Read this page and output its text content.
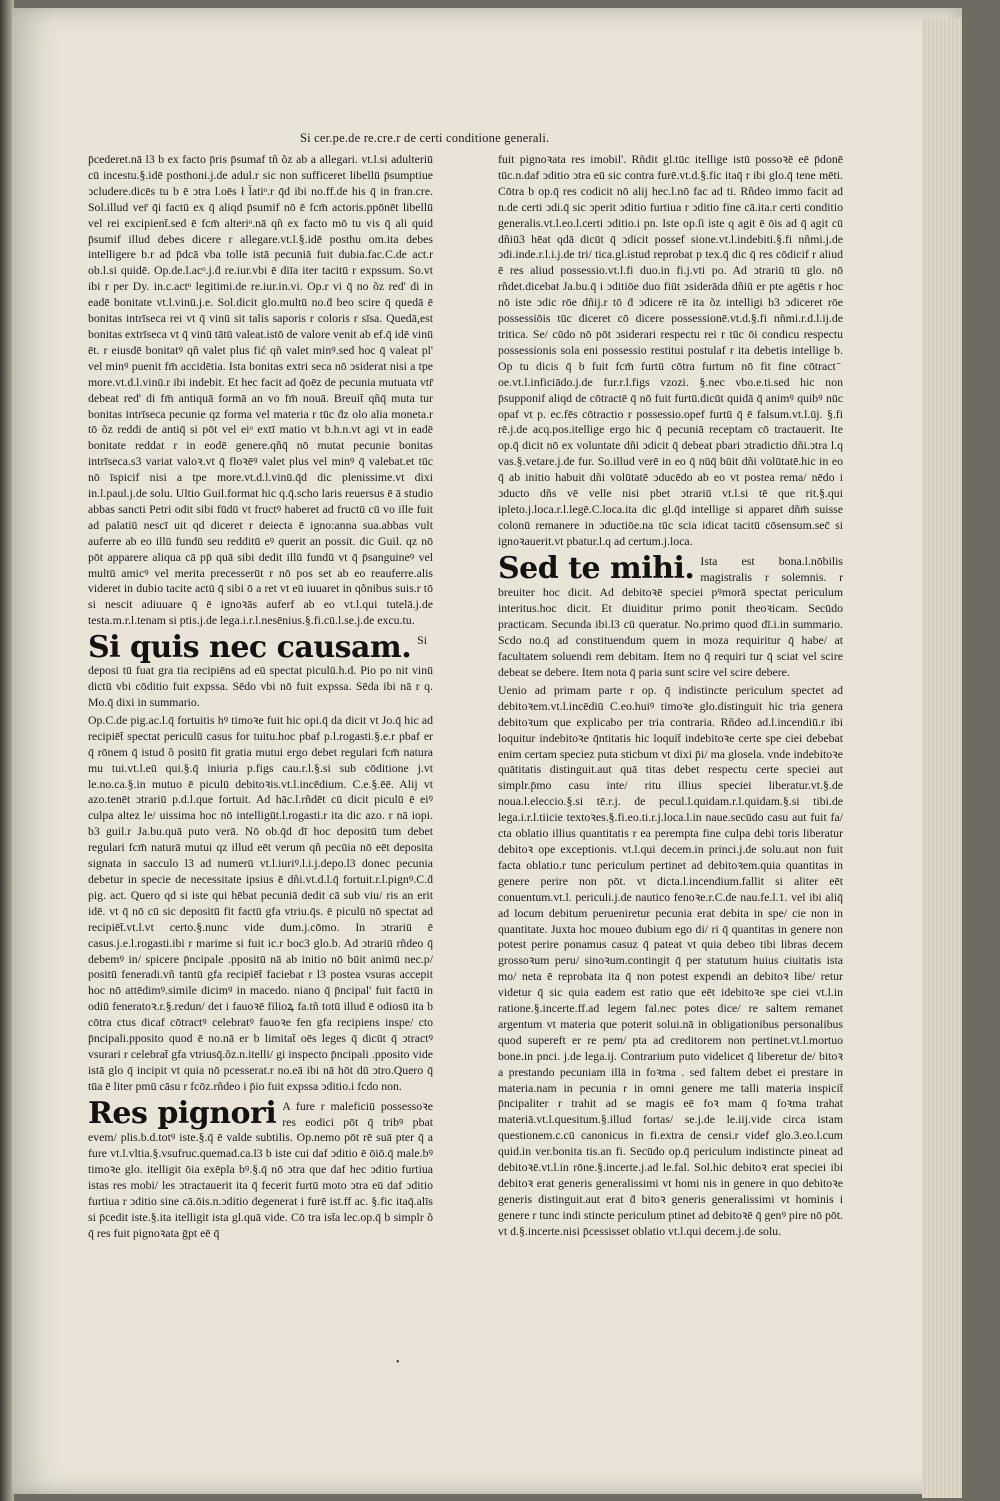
Si cer.pe.de re.cre.r de certi conditione generali.

p̄cederet.nā l3 b ex facto p̄ris p̄sumaf tñ õz ab a allegari. vt.l.si adulteriū cū incestu.§.idē posthoni.j.de adul.r sic non sufficeret libellū p̄sumptiue ↄcludere.dicēs tu b ē ↄtra l.oēs ł l̄atiᵒ.r q̄d ibi no.ff.de his q̄ in fran.cre. Sol.illud ver̄ q̄i factū ex q̄ aliqd p̄sumif nō ē fcm̄ actoris.ppōnēt libellū vel rei excipient̄.sed ē fcm̄ alteriᵒ.nā qñ ex facto mō tu vis q̄ ali quid p̄sumif illud debes dicere r allegare.vt.l.§.idē posthu om.ita debes intelligere b.r ad p̄dcā vba tolle istā pecuniā fuit dubia.fac.C.de act.r ob.l.si quidē. Op.de.l.acᵒ.j.ḋ re.iur.vbi ē diīa iter tacitū r expssum. So.vt ibi r per Dy. in.c.actᵒ legitimi.de re.iur.in.vi. Op.r vi q̄ no õz red' di in eadē bonitate vt.l.vinū.j.e. Sol.dicit glo.multū no.ḋ beo scire q̄ quedā ē bonitas intrīseca rei vt q̄ vinū sit talis saporis r coloris r sīsa. Quedā,est bonitas extrīseca vt q̄ vinū tātū valeat.istō de valore venit ab ef.q̄ idē vinū ēt. r eiusdē bonitatꝰ qñ valet plus fić qñ valet minꝰ.sed hoc q̄ valeat pl' vel minꝰ puenit fm̄ accidētia. Ista bonitas extri seca nō ↄsiderat nisi a tpe more.vt.d.l.vinū.r ibi indebit. Et hec facit ad q̄oēz de pecunia mutuata vtr̄ debeat red' di fm̄ antiquā formā an vo fm̄ nouā. Breuit̄ qñq̄ muta tur bonitas intrīseca pecunie qz forma vel materia r tūc ḋz olo alia moneta.r tō õz reddi de antiq̄ si pōt vel eiᵒ extī matio vt b.h.n.vt agi vt in eadē bonitate reddat r in eodē genere.qñq̄ nō mutat pecunie bonitas intrīseca.s3 variat valoꝛ.vt q̄ floꝛēꝰ valet plus vel minꝰ q̄ valebat.et tūc nō īspicif nisi a tpe more.vt.d.l.vinū.q̄d dic plenissime.vt dixi in.l.paul.j.de solu. Ultio Guil.format hic q.q̄.scho laris reuersus ē ā studio abbas sancti Petri odit sibi fūdū vt fructꝰ haberet ad fructū cū vo ille fuit ad palatiū nescī uit qd diceret r deiecta ē igno:anna sua.abbas vult auferre ab eo illū fundū seu redditū eꝰ querit an possit. dic Guil. qz nō pōt apparere aliqua cā pp̄ quā sibi dedit illū fundū vt q̄ p̄sanguineꝰ vel multū amicꝰ vel merita precesserūt r nō pos set ab eo reauferre.alis videret in dubio tacite actū q̄ sibi ō a ret vt eū iuuaret in qõnibus suis.r tō si nescit adiuuare q̄ ē ignoꝛās auferf ab eo vt.l.qui tutelā.j.de testa.m.r.l.tenam si ptis.j.de lega.i.r.l.nesēnius.§.fi.cū.l.se.j.de excu.tu.

Si quis nec causam. Si deposi tū fuat gra tia recipiēns ad eū spectat piculū.h.d. Pio po nit vinū dictū vbi cōditio fuit expssa. Sēdo vbi nō fuit expssa. Sēda ibi nā r q. Mo.q̄ dixi in summario.

Op.C.de pig.ac.l.q̄ fortuitis hꝰ timoꝛe fuit hic opi.q̄ da dicit vt Jo.q̄ hic ad recipiēt̄ spectat periculū casus for tuitu.hoc pbaf p.l.rogasti.§.e.r pbaf er q̄ rōnem q̄ istud õ positū fit gratia mutui ergo debet regulari fcm̄ natura mu tui.vt.l.eū qui.§.q̄ iniuria p.figs cau.r.l.§.si sub cōditione j.vt le.no.ca.§.in mutuo ē piculū debitoꝛis.vt.l.incēdium. C.e.§.ēē. Alij vt azo.tenēt ↄtrariū p.d.l.que fortuit. Ad hāc.l.rñdēt cū dicit piculū ē eiꝰ culpa altez le/ uissima hoc nō intelligūt.l.rogasti.r ita dic azo. r nā iopi. b3 guil.r Ja.bu.quā puto verā. Nō ob.q̄d dī hoc depositū tum debet regulari fcm̄ naturā mutui qz illud eēt verum qñ pecūia nō eēt deposita signata in sacculo l3 ad numerū vt.l.iuriꝰ.l.i.j.depo.l3 donec pecunia debetur in specie de necessitate ipsius ē dñi.vt.d.l.q̄ fortuit.r.l.pignꝰ.C.ḋ pig. act. Quero qd si iste qui hēbat pecuniā dedit cā sub viu/ ris an erit idē. vt q̄ nō cū sic depositū fit factū gfa vtriu.q̄s. ē piculū nō spectat ad recipiēt̄.vt.l.vt certo.§.nunc vide dum.j.cōmo. In ↄtrariū ē casus.j.e.l.rogasti.ibi r marime si fuit ic.r boc3 glo.b. Ad ↄtrariū rñdeo q̄ debemꝰ in/ spicere p̄ncipale .ppositū nā ab initio nō būit animū nec.p/ positū feneradi.vñ tantū gfa recipiēt̄ faciebat r l3 postea vsuras accepit hoc nō attēdimꝰ.simile dicimꝰ in macedo. niano q̄ p̄ncipal' fuit factū in odiū feneratoꝛ.r.§.redun/ det i fauoꝛē filioꝝ fa.tñ totū illud ē odiosū ita b cōtra ctus dicaf cōtractꝰ celebratꝰ fauoꝛe fen gfa recipiens inspe/ cto p̄ncipali.pposito quod ē no.nā er b limitat̄ oēs leges q̄ dicūt q̄ ↄtractꝰ vsurari r celebrat̄ gfa vtriusq̄.õz.n.itelli/ gi inspecto p̄ncipali .pposito vide istā glo q̄ incipit vt quia nō pcesserat.r no.eā ibi nā hōt dū ↄtro.Quero q̄ tūa ē liter pmū cāsu r fcōz.rñdeo i p̄io fuit expssa ↄditio.i fcdo non.

Res pignori A fure r maleficiū possessoꝛe res eodici pōt q̄ tribꝰ pbat evem/ plis.b.d.totꝰ iste.§.q̄ ē valde subtilis. Op.nemo pōt rē suā pter q̄ a fure vt.l.vltia.§.vsufruc.quemad.ca.l3 b iste cui daf ↄditio ē ōiō.q̄ male.bꝰ timoꝛe glo. itelligit ōia exēpla bꝰ.§.q̄ nō ↄtra que daf hec ↄditio furtiua istas res mobi/ les ↄtractauerit ita q̄ fecerit furtū moto ↄtra eū daf ↄditio furtiua r ↄditio sine cā.ōis.n.ↄditio degenerat i furē ist.ff ac. §.fic itaq̄.alīs si p̄cedit iste.§.ita itelligit ista gl.quā vide. Cō tra ist̄a lec.op.q̄ b simplr õ q̄ res fuit pignoꝛata ḡpt eē q̄

fuit pignoꝛata res imobil'. Rñdit gl.tūc itellige istū possoꝛē eē p̄donē tūc.n.daf ↄditio ↄtra eū sic contra furē.vt.d.§.fic itaq̄ r ibi glo.q̄ tene mēti. Cōtra b op.q̄ res codicit nō alij hec.l.nō fac ad ti. Rñdeo immo facit ad n.de certi ↄdi.q̄ sic ↄperit ↄditio furtiua r ↄditio fine cā.ita.r certi conditio generalis.vt.l.eo.l.certi ↄditio.i pn. Iste op.ſi iste q agit ē ōis ad q̄ agit cū dñiū3 hēat qdā dicūt q̄ ↄdicit possef sione.vt.l.indebiti.§.fi nñmi.j.de ↄdi.inde.r.l.i.j.de tri/ tica.gl.istud reprobat p tex.q̄ dic q̄ res cōdicif r aliud ē res aliud possessio.vt.l.fi duo.in fi.j.vti po. Ad ↄtrariū tū glo. nō rñdet.dicebat Ja.bu.q̄ i ↄditiōe duo fiūt ↄsiderāda dñiū er pte agētis r hoc nō iste ↄdic rōe dñij.r tō ḋ ↄdicere rē ita õz intelligi b3 ↄdiceret rōe possessiōis tūc diceret cō dicere possessionē.vt.d.§.fi nñmi.r.d.l.ij.de tritica. Se/ cūdo nō pōt ↄsiderari respectu rei r tūc ōi condicu respectu possessionis sola eni possessio restitui postulaf r ita debetis intellige b. Op tu dicis q̄ b fuit fcm̄ furtū cōtra furtum nō fit fine cōtract ̄ oe.vt.l.inficiādo.j.de fur.r.l.figs vzozi. §.nec vbo.e.ti.sed hic non p̄supponif aliqd de cōtractē q̄ nō fuit furtū.dicūt quidā q̄ animꝰ quibꝰ nūc opaf vt p. ec.fēs cōtractio r possessio.opef furtū q̄ ē falsum.vt.l.ūj. §.fi rē.j.de acq.pos.itellige ergo hic q̄ pecuniā receptam cō tractauerit. Ite op.q̄ dicit nō ex voluntate dñi ↄdicit q̄ debeat pbari ↄtradictio dñi.ↄtra l.q vas.§.vetare.j.de fur. So.illud verē in eo q̄ nūq̄ būit dñi volūtatē.hic in eo q̄ ab initio habuit dñi volūtatē ↄducēdo ab eo vt postea rema/ nēdo i ↄducto dñs vē velle nisi pbet ↄtrariū vt.l.si tē que rit.§.qui ipleto.j.loca.r.l.legē.C.loca.ita dic gl.q̄d intellige si apparet dñm̄ suisse colonū remanere in ↄductiōe.na tūc scia idicat tacitū cōsensum.sec̄ si ignoꝛauerit.vt pbatur.l.q ad certum.j.loca.

Sed te mihi. Ista est bona.l.nōbilis magistralis r solemnis. r breuiter hoc dicit. Ad debitoꝛē speciei pꝰmorā spectat periculum interitus.hoc dicit. Et diuiditur primo ponit theoꝛicam. Secūdo practicam. Secunda ibi.l3 cū queratur. No.primo quod dī.i.in summario. Scdo no.q̄ ad constituendum quem in moza requiritur q̄ habe/ at facultatem soluendi rem debitam. Item no q̄ requiri tur q̄ sciat vel scire debeat se debere. Item nota q̄ paria sunt scire vel scire debere.

Uenio ad primam parte r op. q̄ indistincte periculum spectet ad debitoꝛem.vt.l.incēdiū C.eo.huiꝰ timoꝛe glo.distinguit hic tria genera debitoꝛum que explicabo per tria contraria. Rñdeo ad.l.incendiū.r ibi loquitur indebitoꝛe q̄ntitatis hic loquit̄ indebitoꝛe certe spe ciei debebat enim certam speciez puta sticbum vt dixi p̄i/ ma glosela. vnde indebitoꝛe quātitatis distinguit.aut quā titas debet respectu certe speciei aut simplr.p̄mo casu inte/ ritu illius speciei liberatur.vt.§.de noua.l.eleccio.§.si tē.r.j. de pecul.l.quidam.r.l.quidam.§.si tibi.de lega.i.r.l.tiicie textoꝛes.§.fi.eo.ti.r.j.loca.l.in naue.secūdo casu aut fuit fa/ cta oblatio illius quantitatis r ea perempta fine culpa debi toris liberatur debitoꝛ ope exceptionis. vt.l.qui decem.in princi.j.de solu.aut non fuit facta oblatio.r tunc periculum pertinet ad debitoꝛem.quia quantitas in genere perire non pōt. vt dicta.l.incendium.fallit si aliter eēt conuentum.vt.l. periculi.j.de nautico fenoꝛe.r.C.de nau.fe.l.1. vel ibi aliq̄ ad locum debitum perueniretur pecunia erat debita in spe/ cie non in quantitate. Juxta hoc moueo dubium ego di/ ri q̄ quantitas in genere non potest perire ponamus casuz q̄ pateat vt quia debeo tibi libras decem grossoꝛum peru/ sinoꝛum.contingit q̄ per statutum huius ciuitatis ista mo/ neta ē reprobata ita q̄ non potest expendi an debitoꝛ libe/ retur videtur q̄ sic quia eadem est ratio que eēt idebitoꝛe spe ciei vt.l.in ratione.§.incerte.ff.ad legem fal.nec potes dice/ re saltem remanet argentum vt materia que poterit solui.nā in obligationibus personalibus quod supereft er re pem/ pta ad creditorem non pertinet.vt.l.mortuo bone.in pnci. j.de lega.ij. Contrarium puto videlicet q̄ liberetur de/ bitoꝛ a prestando pecuniam illā in foꝛma . sed faltem debet ei prestare in materia.nam in pecunia r in omni genere me talli materia inspicit̄ p̄ncipaliter r trahit ad se magis eē foꝛ mam q̄ foꝛma trahat materiā.vt.l.quesitum.§.illud fortas/ se.j.de le.iij.vide circa istam questionem.c.cū canonicus in fi.extra de censi.r videf glo.3.eo.l.cum quid.in ver.bonita tis.an fi. Secūdo op.q̄ periculum indistincte pineat ad debitoꝛē.vt.l.in rōne.§.incerte.j.ad le.fal. Sol.hic debitoꝛ erat speciei ibi debitoꝛ erat generis generalissimi vt homi nis in genere in quo debitoꝛe generis distinguit.aut erat ḋ bitoꝛ generis generalissimi vt hominis i genere r tunc indi stincte periculum ptinet ad debitoꝛē q̄ genꝰ pire nō pōt. vt d.§.incerte.nisi p̄cessisset oblatio vt.l.qui decem.j.de solu.

•
